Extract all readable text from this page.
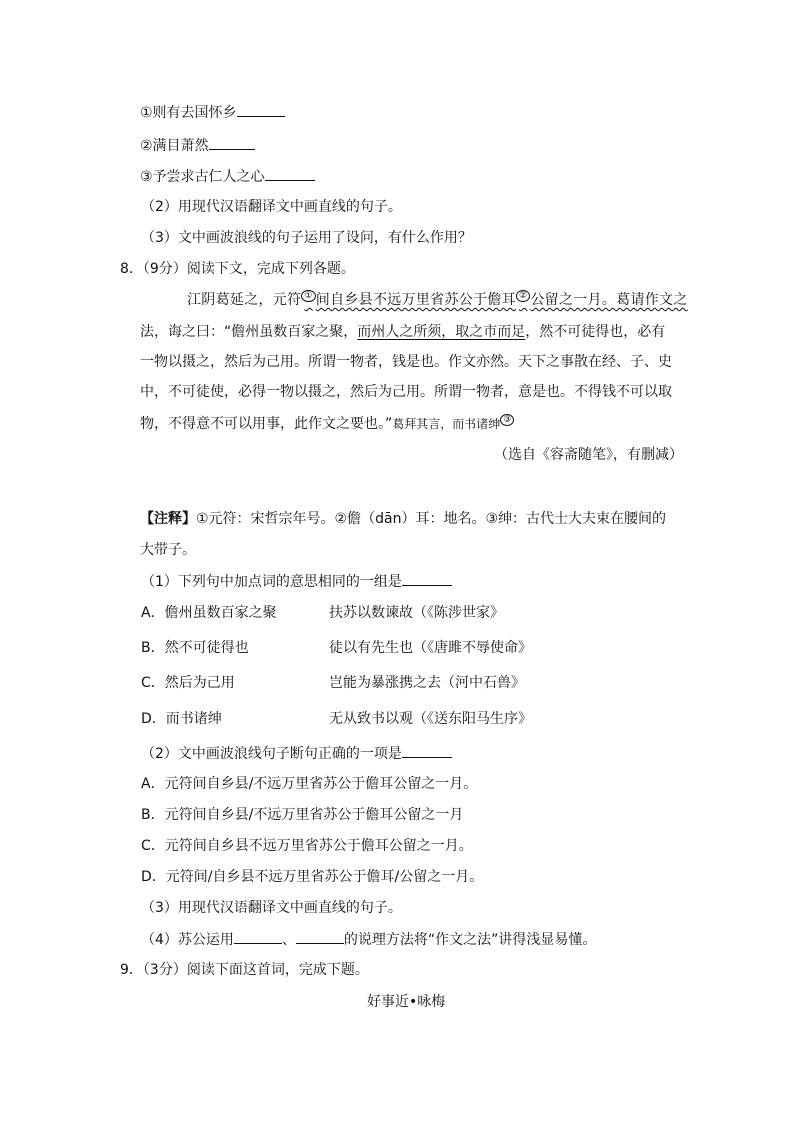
①则有去国怀乡
②满目萧然
③予尝求古仁人之心
（2）用现代汉语翻译文中画直线的句子。
（3）文中画波浪线的句子运用了设问，有什么作用？
8．（9分）阅读下文，完成下列各题。
江阴葛延之，元符 ① 间自乡县不远万里省苏公于儋耳 ② 公留之一月。葛请作文之
法，诲之曰：“儋州虽数百家之聚，而州人之所须，取之市而足，然不可徒得也，必有
一物以摄之，然后为己用。所谓一物者，钱是也。作文亦然。天下之事散在经、子、史
中，不可徒使，必得一物以摄之，然后为己用。所谓一物者，意是也。不得钱不可以取
物，不得意不可以用事，此作文之要也。”葛拜其言，而书诸绅 ③
（选自《容斋随笔》，有删减）
【注释】①元符：宋哲宗年号。②儋（dān）耳：地名。③绅：古代士大夫束在腰间的
大带子。
（1）下列句中加点词的意思相同的一组是
A．儋州虽数百家之聚	扶苏以数谏故（《陈涉世家》
B．然不可徒得也	徒以有先生也（《唐雎不辱使命》
C．然后为己用	岂能为暴涨携之去（河中石兽》
D．而书诸绅	无从致书以观（《送东阳马生序》
（2）文中画波浪线句子断句正确的一项是
A．元符间自乡县/不远万里省苏公于儋耳公留之一月。
B．元符间自乡县/不远万里省苏公于儋耳公留之一月
C．元符间自乡县不远万里省苏公于儋耳公留之一月。
D．元符间/自乡县不远万里省苏公于儋耳/公留之一月。
（3）用现代汉语翻译文中画直线的句子。
（4）苏公运用	、	的说理方法将“作文之法”讲得浅显易懂。
9．（3分）阅读下面这首词，完成下题。
好事近•咏梅
